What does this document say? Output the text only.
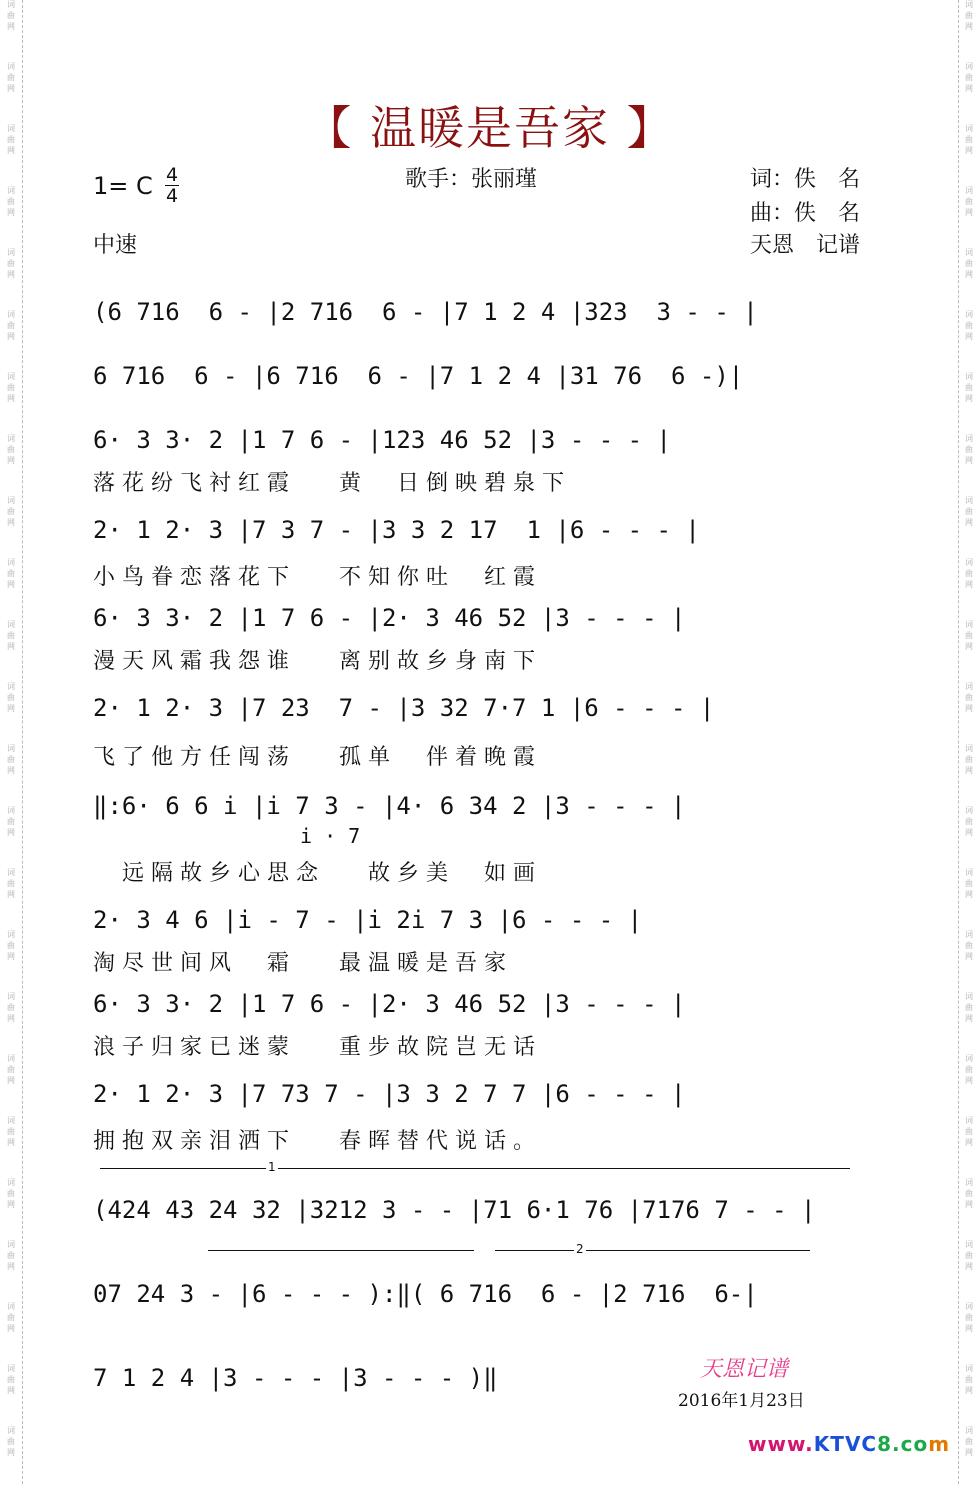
词
曲
网

词
曲
网

词
曲
网

词
曲
网

词
曲
网

词
曲
网

词
曲
网

词
曲
网

词
曲
网

词
曲
网

词
曲
网

词
曲
网

词
曲
网

词
曲
网

词
曲
网

词
曲
网

词
曲
网

词
曲
网

词
曲
网

词
曲
网

词
曲
网

词
曲
网

词
曲
网

词
曲
网

词
曲
网

词
曲
网

词
曲
网

词
曲
网

词
曲
网

词
曲
网

词
曲
网

词
曲
网

词
曲
网

词
曲
网

词
曲
网

词
曲
网

词
曲
网

词
曲
网

词
曲
网

词
曲
网

词
曲
网

词
曲
网

词
曲
网

词
曲
网

词
曲
网

词
曲
网

词
曲
网

词
曲
网

【 温暖是吾家 】
歌手：张丽瑾	词：佚　名
曲：佚　名
天恩　记谱
1= C 4
4
中速
(6 716  6 - |2 716  6 - |7 1 2 4 |323  3 - - |
6 716  6 - |6 716  6 - |7 1 2 4 |31 76  6 -)|
6· 3 3· 2 |1 7 6 - |123 46 52 |3 - - - |
落花纷飞衬红霞　 黄　日倒映碧泉下
2· 1 2· 3 |7 3 7 - |3 3 2 17  1 |6 - - - |
小鸟眷恋落花下　 不知你吐　红霞
6· 3 3· 2 |1 7 6 - |2· 3 46 52 |3 - - - |
漫天风霜我怨谁　 离别故乡身南下
2· 1 2· 3 |7 23  7 - |3 32 7·7 1 |6 - - - |
飞了他方任闯荡　 孤单　伴着晚霞
‖:6· 6 6 i |i 7 3 - |4· 6 34 2 |3 - - - |
i · 7
　远隔故乡心思念　 故乡美　如画
2· 3 4 6 |i - 7 - |i 2i 7 3 |6 - - - |
淘尽世间风　霜　 最温暖是吾家
6· 3 3· 2 |1 7 6 - |2· 3 46 52 |3 - - - |
浪子归家已迷蒙　 重步故院岂无话
2· 1 2· 3 |7 73 7 - |3 3 2 7 7 |6 - - - |
拥抱双亲泪洒下　 春晖替代说话。
1
(424 43 24 32 |3212 3 - - |71 6·1 76 |7176 7 - - |
2
07 24 3 - |6 - - - ):‖( 6 716  6 - |2 716  6-|
7 1 2 4 |3 - - - |3 - - - )‖	天恩记谱
2016年1月23日
www.KTVC8.com
